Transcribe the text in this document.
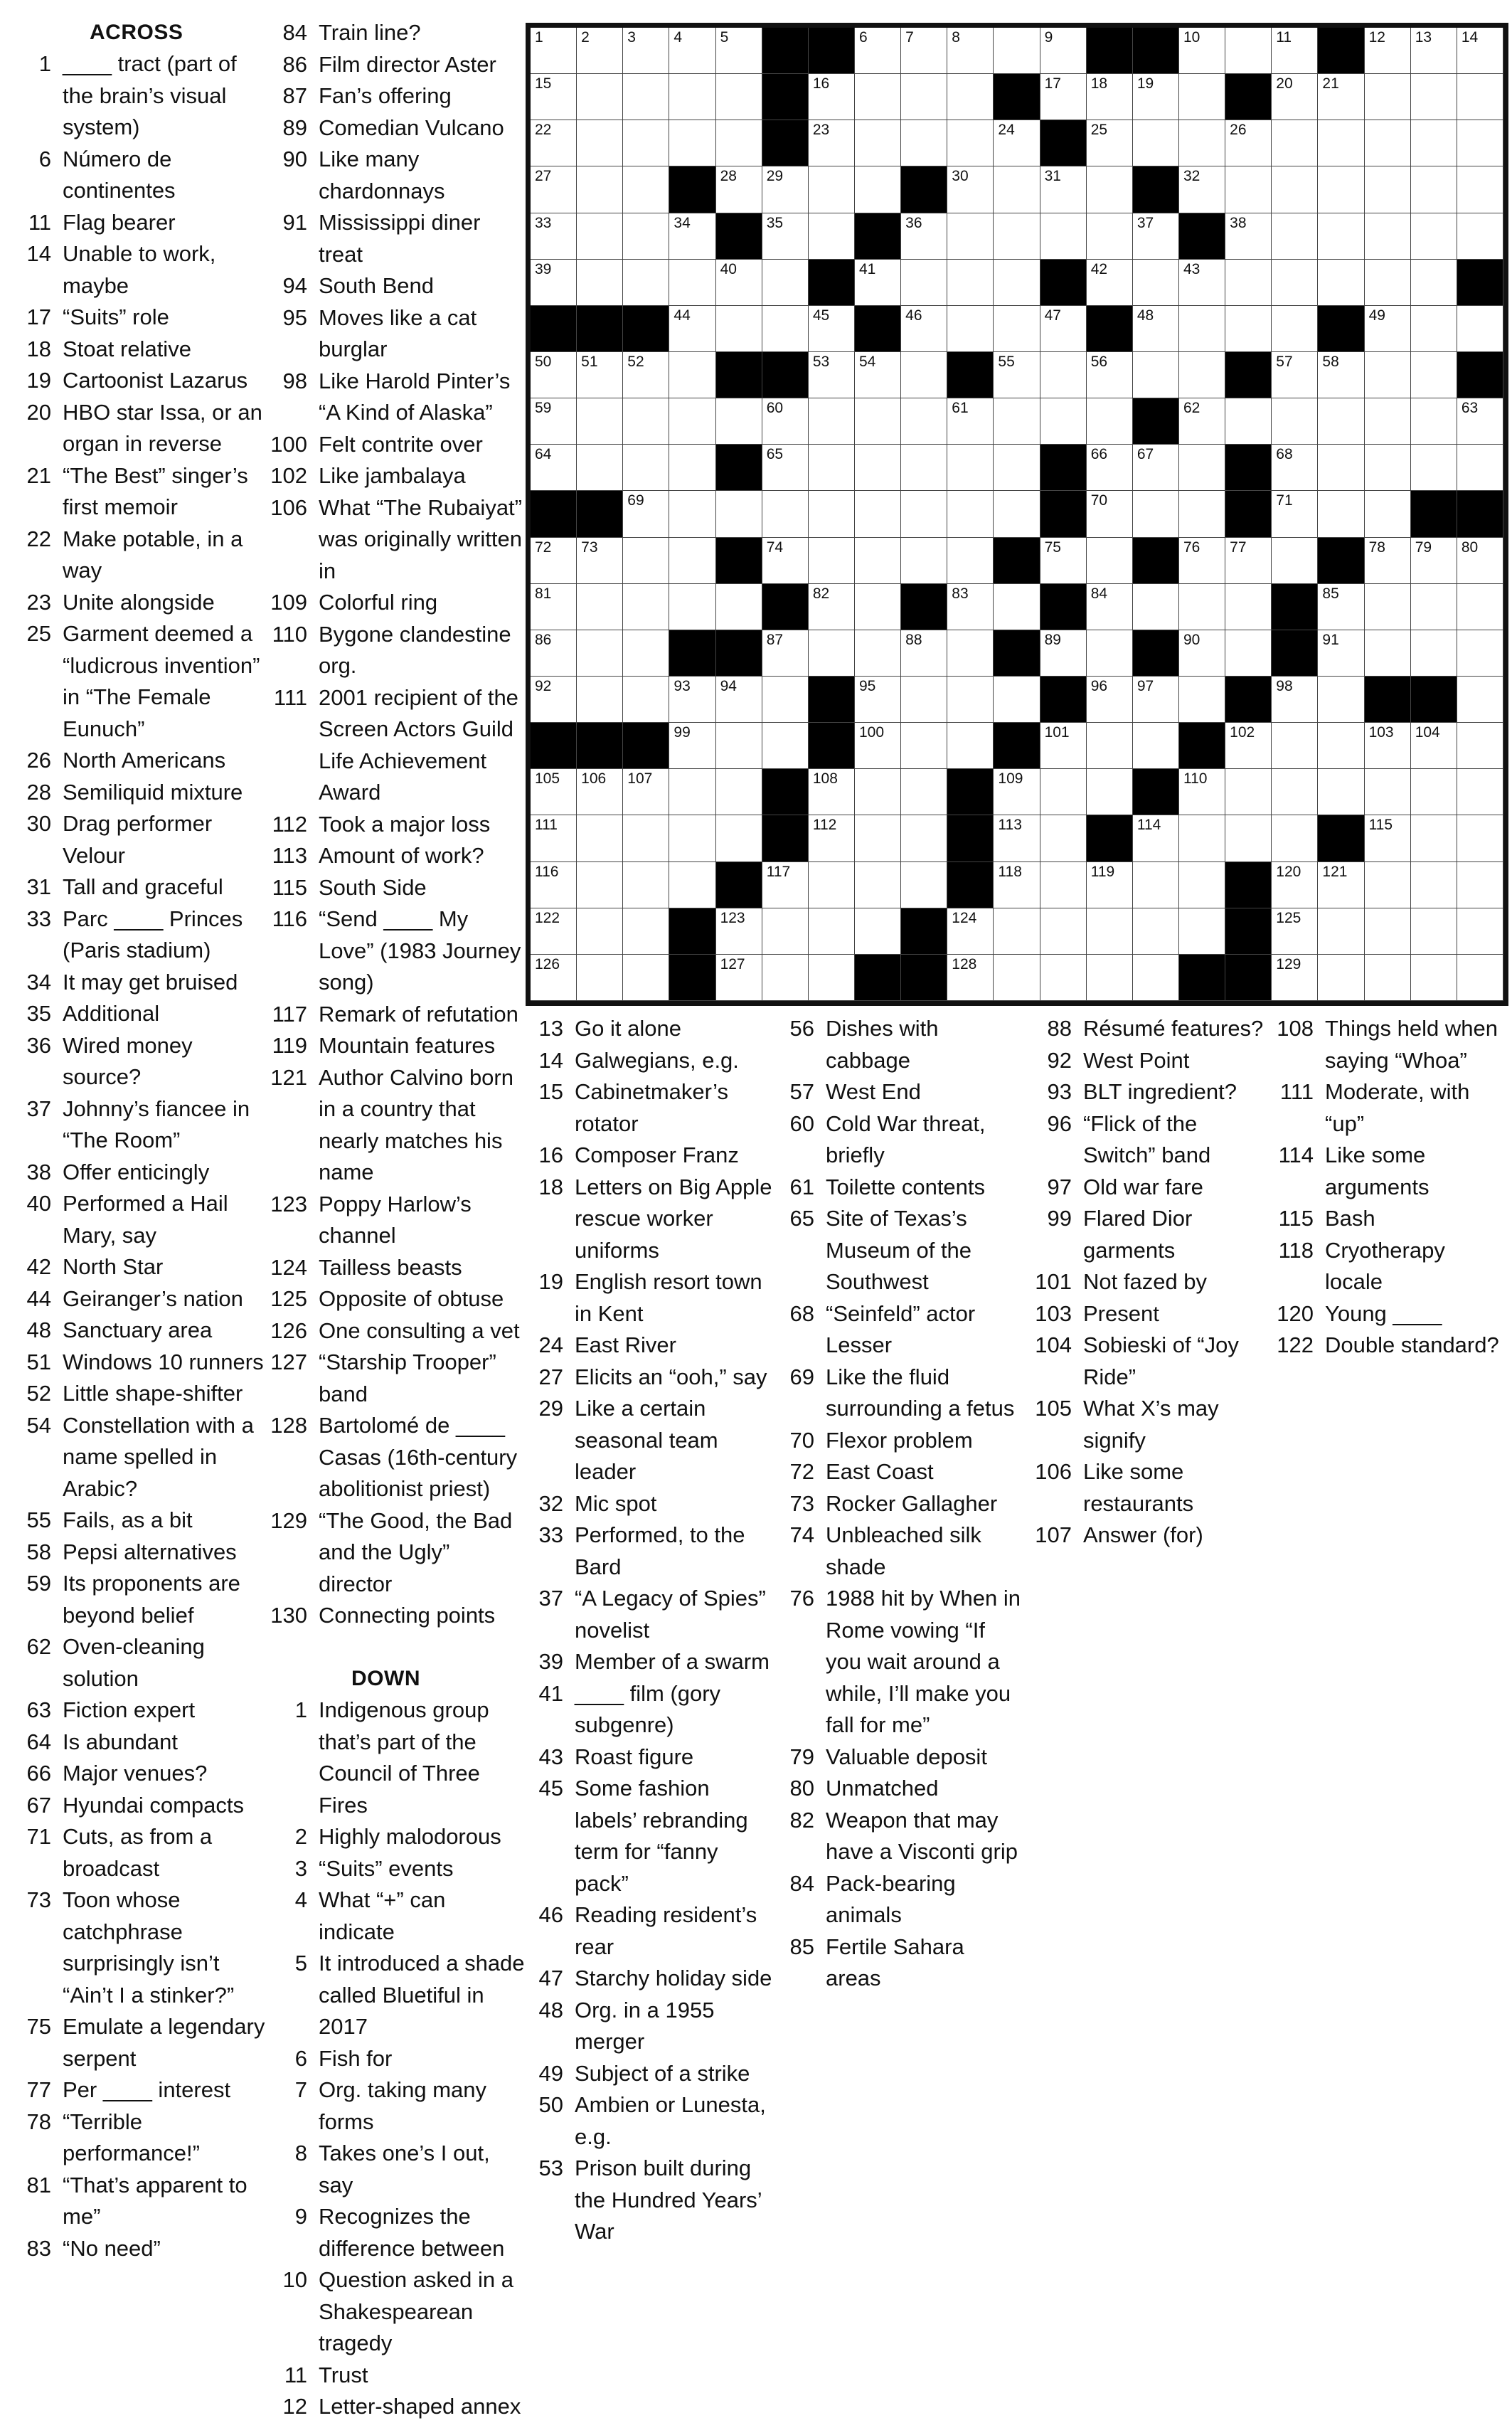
ACROSS
1 ____ tract (part of the brain’s visual system)
6 Número de continentes
11 Flag bearer
14 Unable to work, maybe
17 “Suits” role
18 Stoat relative
19 Cartoonist Lazarus
20 HBO star Issa, or an organ in reverse
21 “The Best” singer’s first memoir
22 Make potable, in a way
23 Unite alongside
25 Garment deemed a “ludicrous invention” in “The Female Eunuch”
26 North Americans
28 Semiliquid mixture
30 Drag performer Velour
31 Tall and graceful
33 Parc ____ Princes (Paris stadium)
34 It may get bruised
35 Additional
36 Wired money source?
37 Johnny’s fiancee in “The Room”
38 Offer enticingly
40 Performed a Hail Mary, say
42 North Star
44 Geiranger’s nation
48 Sanctuary area
51 Windows 10 runners
52 Little shape-shifter
54 Constellation with a name spelled in Arabic?
55 Fails, as a bit
58 Pepsi alternatives
59 Its proponents are beyond belief
62 Oven-cleaning solution
63 Fiction expert
64 Is abundant
66 Major venues?
67 Hyundai compacts
71 Cuts, as from a broadcast
73 Toon whose catchphrase surprisingly isn’t “Ain’t I a stinker?”
75 Emulate a legendary serpent
77 Per ____ interest
78 “Terrible performance!”
81 “That’s apparent to me”
83 “No need”
84 Train line?
86 Film director Aster
87 Fan’s offering
89 Comedian Vulcano
90 Like many chardonnays
91 Mississippi diner treat
94 South Bend
95 Moves like a cat burglar
98 Like Harold Pinter’s “A Kind of Alaska”
100 Felt contrite over
102 Like jambalaya
106 What “The Rubaiyat” was originally written in
109 Colorful ring
110 Bygone clandestine org.
111 2001 recipient of the Screen Actors Guild Life Achievement Award
112 Took a major loss
113 Amount of work?
115 South Side
116 “Send ____ My Love” (1983 Journey song)
117 Remark of refutation
119 Mountain features
121 Author Calvino born in a country that nearly matches his name
123 Poppy Harlow’s channel
124 Tailless beasts
125 Opposite of obtuse
126 One consulting a vet
127 “Starship Trooper” band
128 Bartolomé de ____ Casas (16th-century abolitionist priest)
129 “The Good, the Bad and the Ugly” director
130 Connecting points
DOWN
1 Indigenous group that’s part of the Council of Three Fires
2 Highly malodorous
3 “Suits” events
4 What “+” can indicate
5 It introduced a shade called Bluetiful in 2017
6 Fish for
7 Org. taking many forms
8 Takes one’s I out, say
9 Recognizes the difference between
10 Question asked in a Shakespearean tragedy
11 Trust
12 Letter-shaped annex
1	2	3	4	5	6	7	8	9	10	11	12 13 14
15	16	17 18 19	20 21
22	23	24	25	26
27	28 29	30	31	32
33	34	35	36	37	38
39	40	41	42	43
44	45	46	47	48	49
50 51 52	53 54	55	56	57 58
59	60	61	62	63
64	65	66 67	68
69	70	71
72 73	74	75	76 77	78 79 80
81	82	83	84	85
86	87	88	89	90	91
92	93 94	95	96 97	98
99	100	101	102	103 104
105 106 107	108	109	110
111	112	113	114	115
116	117	118	119	120 121
122	123	124	125
126	127	128	129
13 Go it alone
14 Galwegians, e.g.
15 Cabinetmaker’s rotator
16 Composer Franz
18 Letters on Big Apple rescue worker uniforms
19 English resort town in Kent
24 East River
27 Elicits an “ooh,” say
29 Like a certain seasonal team leader
32 Mic spot
33 Performed, to the Bard
37 “A Legacy of Spies” novelist
39 Member of a swarm
41 ____ film (gory subgenre)
43 Roast figure
45 Some fashion labels’ rebranding term for “fanny pack”
46 Reading resident’s rear
47 Starchy holiday side
48 Org. in a 1955 merger
49 Subject of a strike
50 Ambien or Lunesta, e.g.
53 Prison built during the Hundred Years’ War
56 Dishes with cabbage
57 West End
60 Cold War threat, briefly
61 Toilette contents
65 Site of Texas’s Museum of the Southwest
68 “Seinfeld” actor Lesser
69 Like the fluid surrounding a fetus
70 Flexor problem
72 East Coast
73 Rocker Gallagher
74 Unbleached silk shade
76 1988 hit by When in Rome vowing “If you wait around a while, I’ll make you fall for me”
79 Valuable deposit
80 Unmatched
82 Weapon that may have a Visconti grip
84 Pack-bearing animals
85 Fertile Sahara areas
88 Résumé features?
92 West Point
93 BLT ingredient?
96 “Flick of the Switch” band
97 Old war fare
99 Flared Dior garments
101 Not fazed by
103 Present
104 Sobieski of “Joy Ride”
105 What X’s may signify
106 Like some restaurants
107 Answer (for)
108 Things held when saying “Whoa”
111 Moderate, with “up”
114 Like some arguments
115 Bash
118 Cryotherapy locale
120 Young ____
122 Double standard?
